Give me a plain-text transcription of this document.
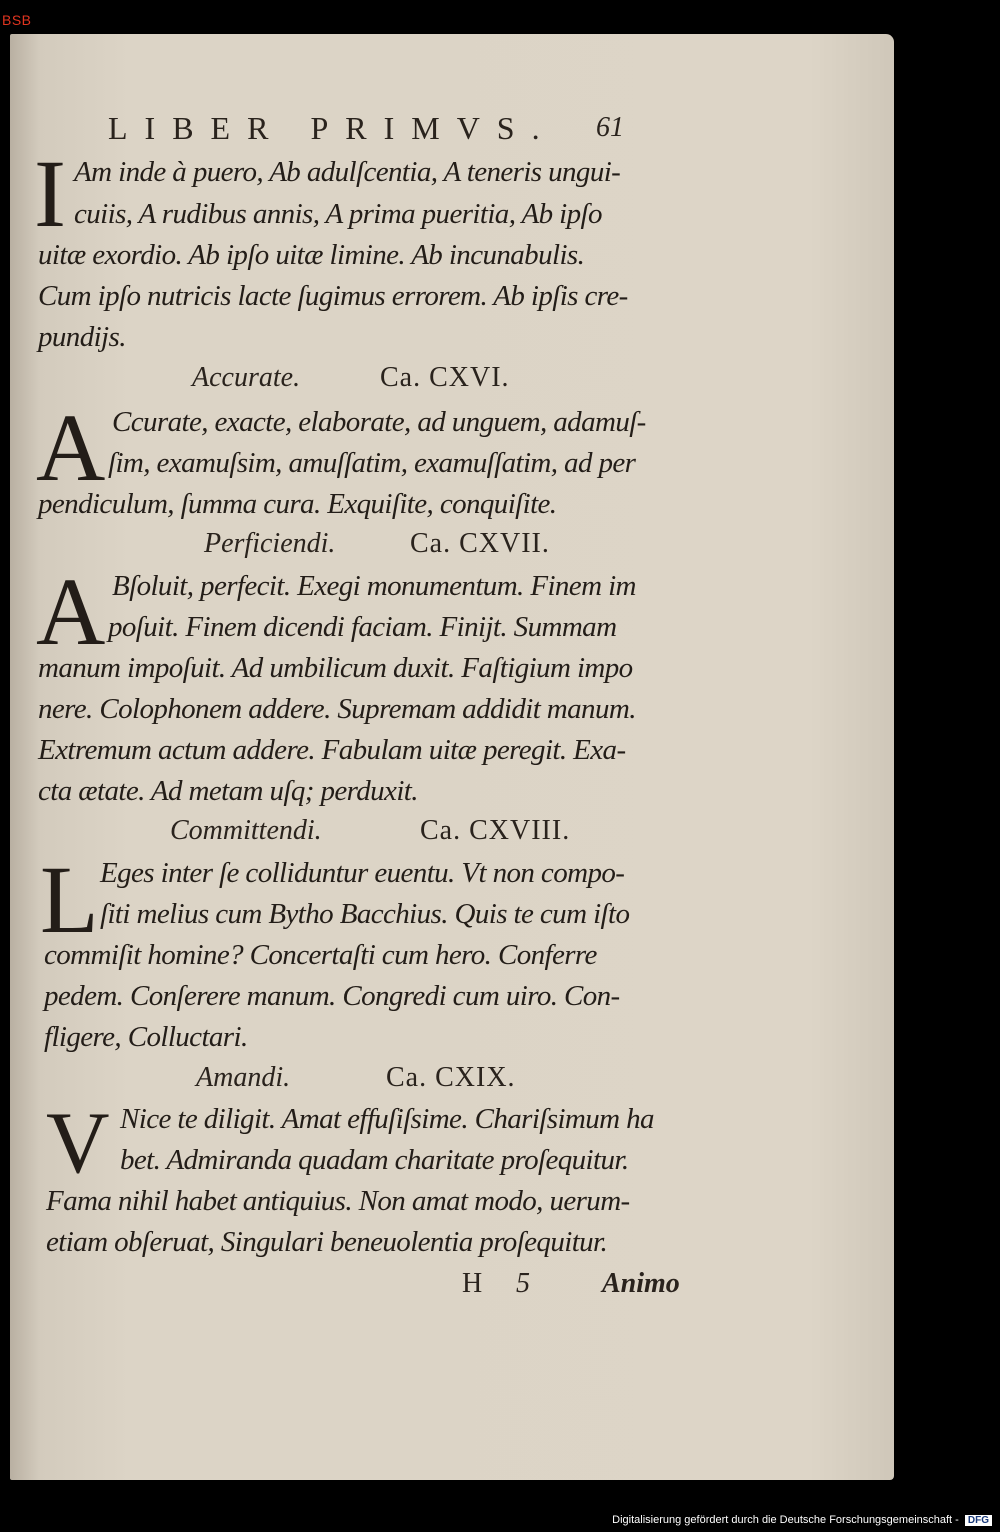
BSB
LIBER PRIMVS. 61
I Am inde à puero, Ab adulſcentia, A teneris ungui-
cuiis, A rudibus annis, A prima pueritia, Ab ipſo
uitæ exordio. Ab ipſo uitæ limine. Ab incunabulis.
Cum ipſo nutricis lacte ſugimus errorem. Ab ipſis cre-
pundijs.
Accurate.	Ca. CXVI.
A Ccurate, exacte, elaborate, ad unguem, adamuſ-
ſim, examuſsim, amuſſatim, examuſſatim, ad per
pendiculum, ſumma cura. Exquiſite, conquiſite.
Perficiendi.	Ca. CXVII.
A Bſoluit, perfecit. Exegi monumentum. Finem im
poſuit. Finem dicendi faciam. Finijt. Summam
manum impoſuit. Ad umbilicum duxit. Faſtigium impo
nere. Colophonem addere. Supremam addidit manum.
Extremum actum addere. Fabulam uitæ peregit. Exa-
cta ætate. Ad metam uſq; perduxit.
Committendi.	Ca. CXVIII.
L Eges inter ſe colliduntur euentu. Vt non compo-
ſiti melius cum Bytho Bacchius. Quis te cum iſto
commiſit homine? Concertaſti cum hero. Conferre
pedem. Conſerere manum. Congredi cum uiro. Con-
fligere, Colluctari.
Amandi.	Ca. CXIX.
V Nice te diligit. Amat effuſiſsime. Chariſsimum ha
bet. Admiranda quadam charitate proſequitur.
Fama nihil habet antiquius. Non amat modo, uerum-
etiam obſeruat, Singulari beneuolentia proſequitur.
H 5	Animo
Digitalisierung gefördert durch die Deutsche Forschungsgemeinschaft - DFG
